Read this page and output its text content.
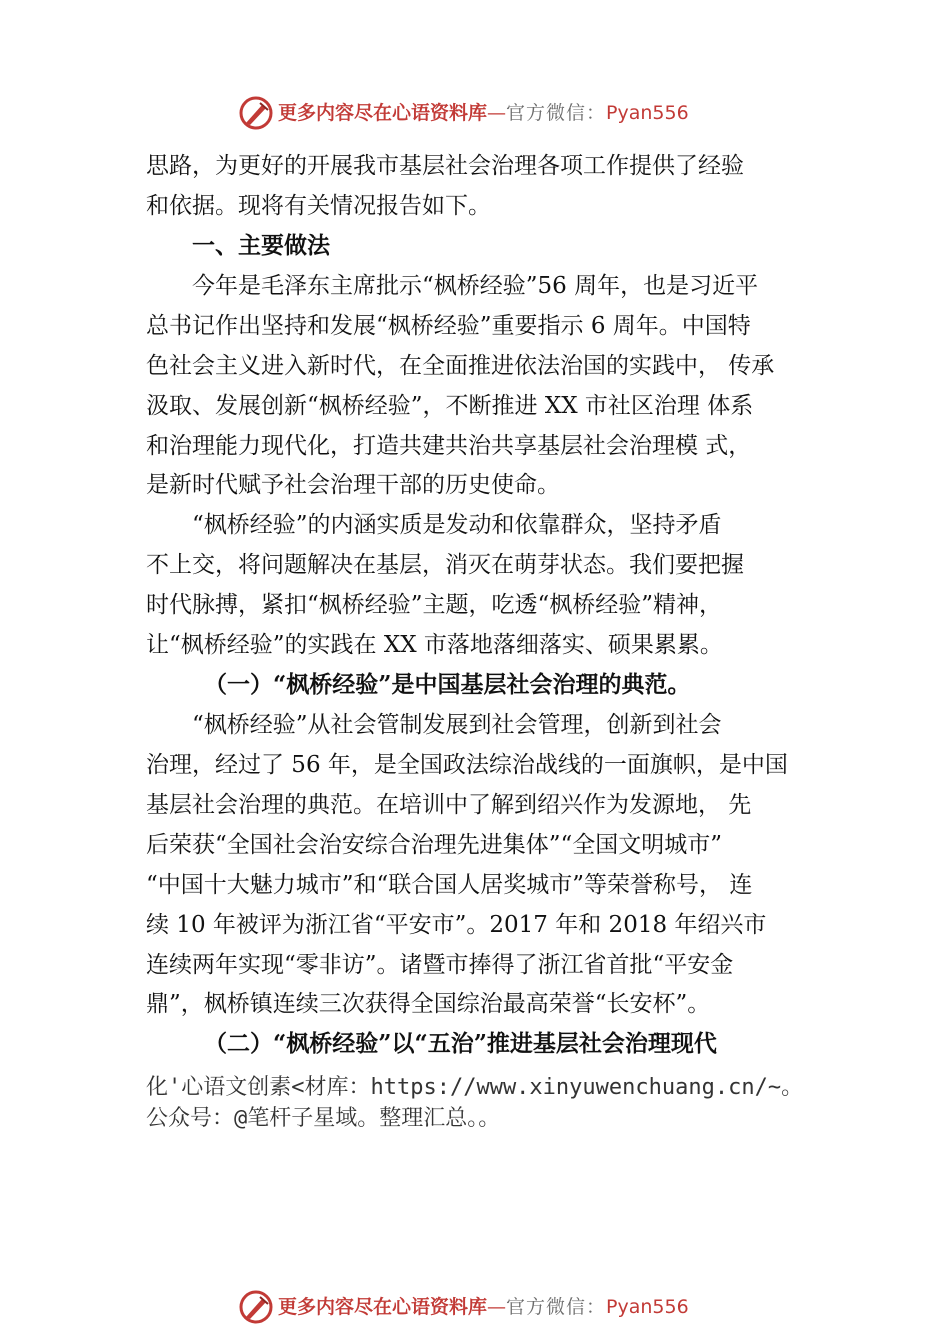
更多内容尽在心语资料库—官方微信：Pyan556
思路，为更好的开展我市基层社会治理各项工作提供了经验
和依据。现将有关情况报告如下。
一、主要做法
今年是毛泽东主席批示“枫桥经验”56 周年，也是习近平
总书记作出坚持和发展“枫桥经验”重要指示 6 周年。中国特
色社会主义进入新时代，在全面推进依法治国的实践中， 传承
汲取、发展创新“枫桥经验”，不断推进 XX 市社区治理 体系
和治理能力现代化，打造共建共治共享基层社会治理模 式，
是新时代赋予社会治理干部的历史使命。
“枫桥经验”的内涵实质是发动和依靠群众，坚持矛盾
不上交，将问题解决在基层，消灭在萌芽状态。我们要把握
时代脉搏，紧扣“枫桥经验”主题，吃透“枫桥经验”精神，
让“枫桥经验”的实践在 XX 市落地落细落实、硕果累累。
（一）“枫桥经验”是中国基层社会治理的典范。
“枫桥经验”从社会管制发展到社会管理，创新到社会
治理，经过了 56 年，是全国政法综治战线的一面旗帜，是中国
基层社会治理的典范。在培训中了解到绍兴作为发源地， 先
后荣获“全国社会治安综合治理先进集体”“全国文明城市”
“中国十大魅力城市”和“联合国人居奖城市”等荣誉称号， 连
续 10 年被评为浙江省“平安市”。2017 年和 2018 年绍兴市
连续两年实现“零非访”。诸暨市捧得了浙江省首批“平安金
鼎”，枫桥镇连续三次获得全国综治最高荣誉“长安杯”。
（二）“枫桥经验”以“五治”推进基层社会治理现代
化'心语文创素<材库：https://www.xinyuwenchuang.cn/~。
公众号：@笔杆子星域。整理汇总。。
更多内容尽在心语资料库—官方微信：Pyan556
